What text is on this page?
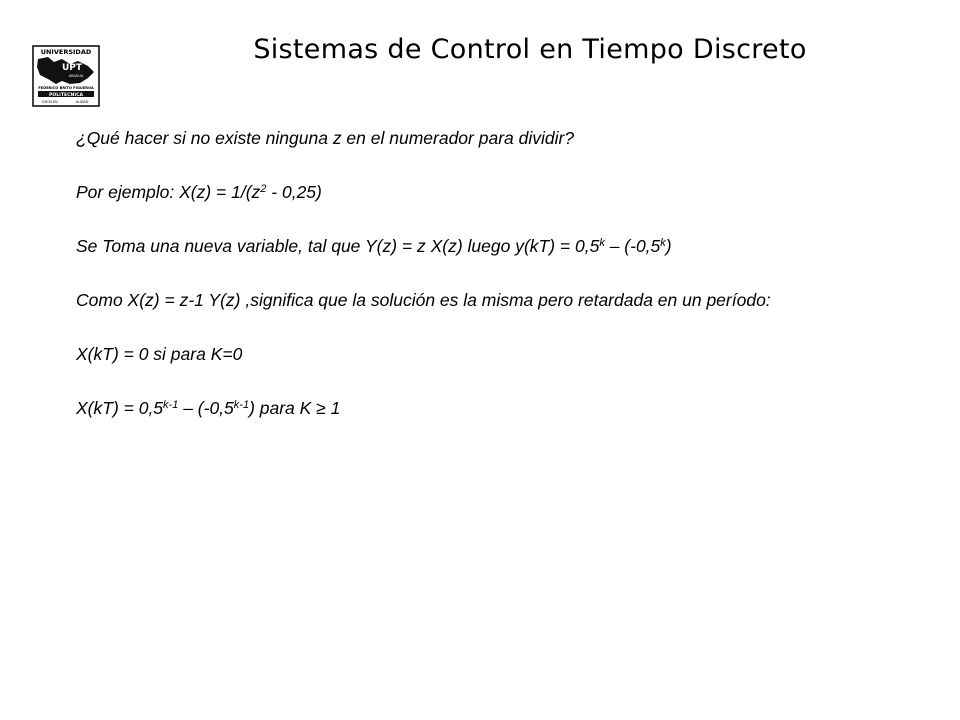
UNIVERSIDAD
UPT
ARAGUA
FEDERICO BRITO FIGUEROA
POLITECNICA
EXCELEN	ALIDAD
Sistemas de Control en Tiempo Discreto

¿Qué hacer si no existe ninguna z en el numerador para dividir?

Por ejemplo: $X(z) = 1/(z^2 - 0,25)$

Se Toma una nueva variable, tal que Y(z) = z X(z) luego $y(kT) = 0,5^k - (-0,5^k)$

Como X(z) = z-1 Y(z) ,significa que la solución es la misma pero retardada en un período:

X(kT) = 0 si para K=0

$X(kT) = 0,5^{k-1} - (-0,5^{k-1})$ para K ≥ 1
